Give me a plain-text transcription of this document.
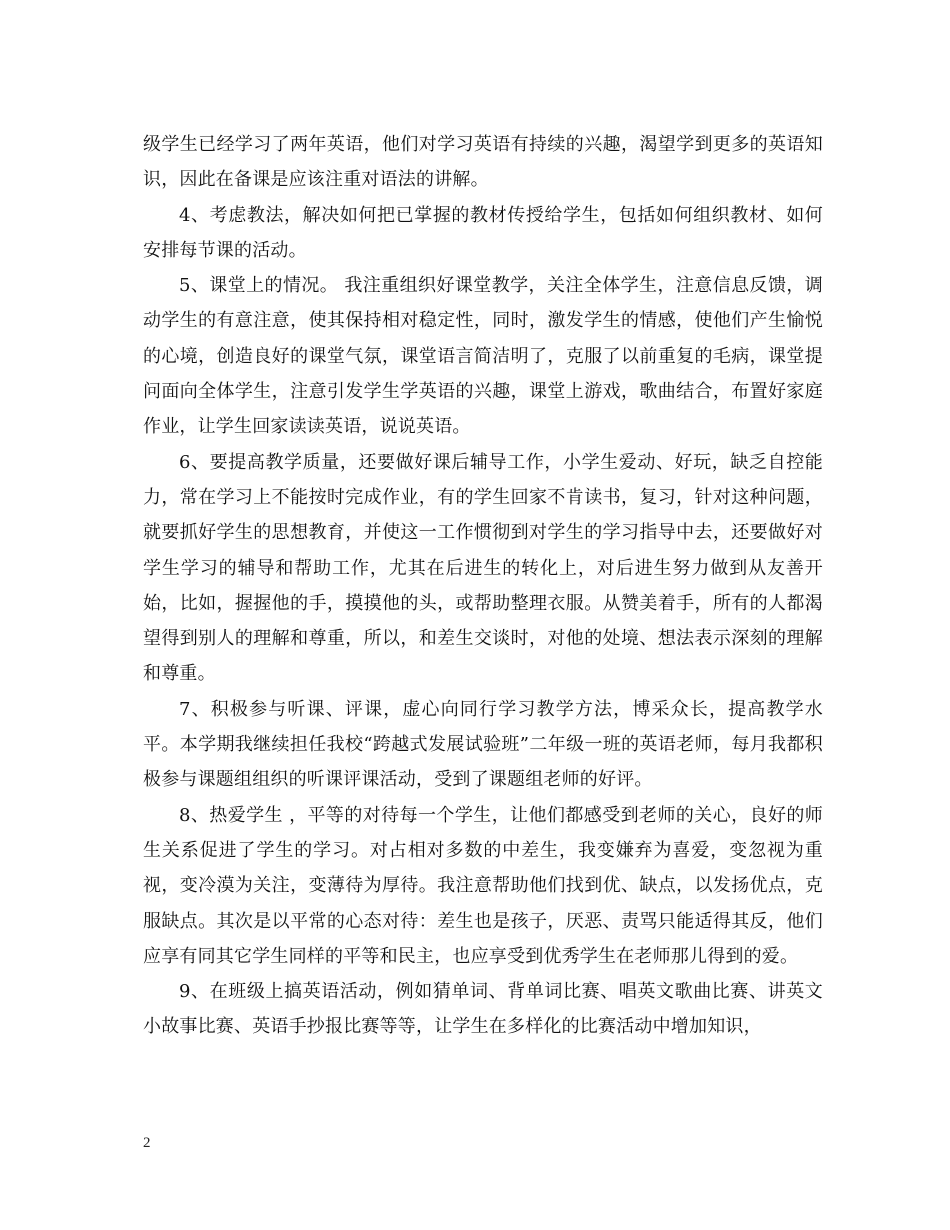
级学生已经学习了两年英语，他们对学习英语有持续的兴趣，渴望学到更多的英语知识，因此在备课是应该注重对语法的讲解。

4、考虑教法，解决如何把已掌握的教材传授给学生，包括如何组织教材、如何安排每节课的活动。

5、课堂上的情况。 我注重组织好课堂教学，关注全体学生，注意信息反馈，调动学生的有意注意，使其保持相对稳定性，同时，激发学生的情感，使他们产生愉悦的心境，创造良好的课堂气氛，课堂语言简洁明了，克服了以前重复的毛病，课堂提问面向全体学生，注意引发学生学英语的兴趣，课堂上游戏，歌曲结合，布置好家庭作业，让学生回家读读英语，说说英语。

6、要提高教学质量，还要做好课后辅导工作，小学生爱动、好玩，缺乏自控能力，常在学习上不能按时完成作业，有的学生回家不肯读书，复习，针对这种问题，就要抓好学生的思想教育，并使这一工作惯彻到对学生的学习指导中去，还要做好对学生学习的辅导和帮助工作，尤其在后进生的转化上，对后进生努力做到从友善开始，比如，握握他的手，摸摸他的头，或帮助整理衣服。从赞美着手，所有的人都渴望得到别人的理解和尊重，所以，和差生交谈时，对他的处境、想法表示深刻的理解和尊重。

7、积极参与听课、评课，虚心向同行学习教学方法，博采众长，提高教学水平。本学期我继续担任我校“跨越式发展试验班”二年级一班的英语老师，每月我都积极参与课题组组织的听课评课活动，受到了课题组老师的好评。

8、热爱学生 ，平等的对待每一个学生，让他们都感受到老师的关心，良好的师生关系促进了学生的学习。对占相对多数的中差生，我变嫌弃为喜爱，变忽视为重视，变冷漠为关注，变薄待为厚待。我注意帮助他们找到优、缺点，以发扬优点，克服缺点。其次是以平常的心态对待：差生也是孩子，厌恶、责骂只能适得其反，他们应享有同其它学生同样的平等和民主，也应享受到优秀学生在老师那儿得到的爱。

9、在班级上搞英语活动，例如猜单词、背单词比赛、唱英文歌曲比赛、讲英文小故事比赛、英语手抄报比赛等等，让学生在多样化的比赛活动中增加知识，

2
